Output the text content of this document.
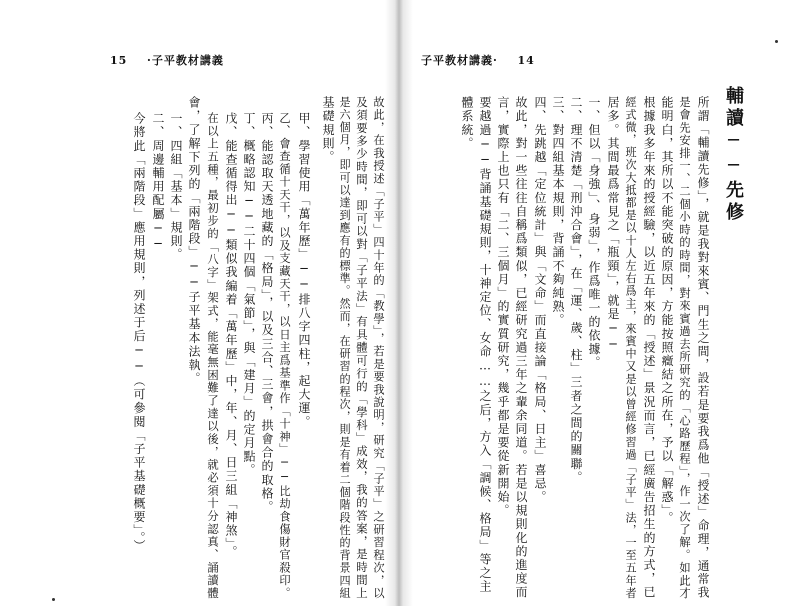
15 ·子平教材講義
故此，在我授述「子平」四十年的「教學」，若是要我說明，研究「子平」之研習程次，以
及須要多少時間，即可以對「子平法」有具體可行的「學科」成效，我的答案，是時間上
是六個月，即可以達到應有的標準。然而，在研習的程次，則是有着二個階段性的背景四組
基礎規則。
甲、學習使用「萬年歷」──排八字四柱，起大運。
乙、會查循十天干，以及支藏天干，以日主爲基準作「十神」──比劫食傷財官殺印。
丙、能認取天透地藏的「格局」，以及三合、三會，拱會合的取格。
丁、概略認知──二十四個「氣節」，與「建月」的定月點。
戊、能查循得出──類似我編着「萬年歷」中，年、月、日三組「神煞」。
在以上五種，最初步的「八字」架式，能毫無困難了達以後，就必須十分認真、誦讀體
會，了解下列的「兩階段」──子平基本法執。
一、四組「基本」規則。
二、周邊輔用配屬──
今將此「兩階段」應用規則，列述于后──（可參閱「子平基礎概要」。）
子平教材講義· 14
輔讀──先修
所謂「輔讀先修」，就是我對來賓、門生之間，設若是要我爲他「授述」命理，通常我
是會先安排一、二個小時的時間，對來賓過去所研究的「心路歷程」，作一次了解。如此才
能明白，其所以不能突破的原因，方能按照癥結之所在，予以「解惑」。
根據我多年來的授經驗，以近五年來的「授述」景況而言，已經廣告招生的方式，已
經式微，班次大抵都是以十人左右爲主，來賓中又是以曾經修習過「子平」法，一至五年者
居多。其間最爲常見之「瓶頸」，就是──
一、但以「身強」、身弱」，作爲唯一的依據。
二、理不清楚「刑沖合會」，在「運、歲、柱」三者之間的關聯。
三、對四組基本規則，背誦不夠純熟。
四、先跳越「定位統計」與「文命」而直接論「格局、日主」喜忌。
故此，對一些往往自稱爲類似，已經研究過三年之輩余同道。若是以規則化的進度而
言，實際上也只有「二、三個月」的實質研究，幾乎都是要從新開始。
要越過──背誦基礎規則，十神定位、女命……之后，方入「調候、格局」等之主
體系統。
